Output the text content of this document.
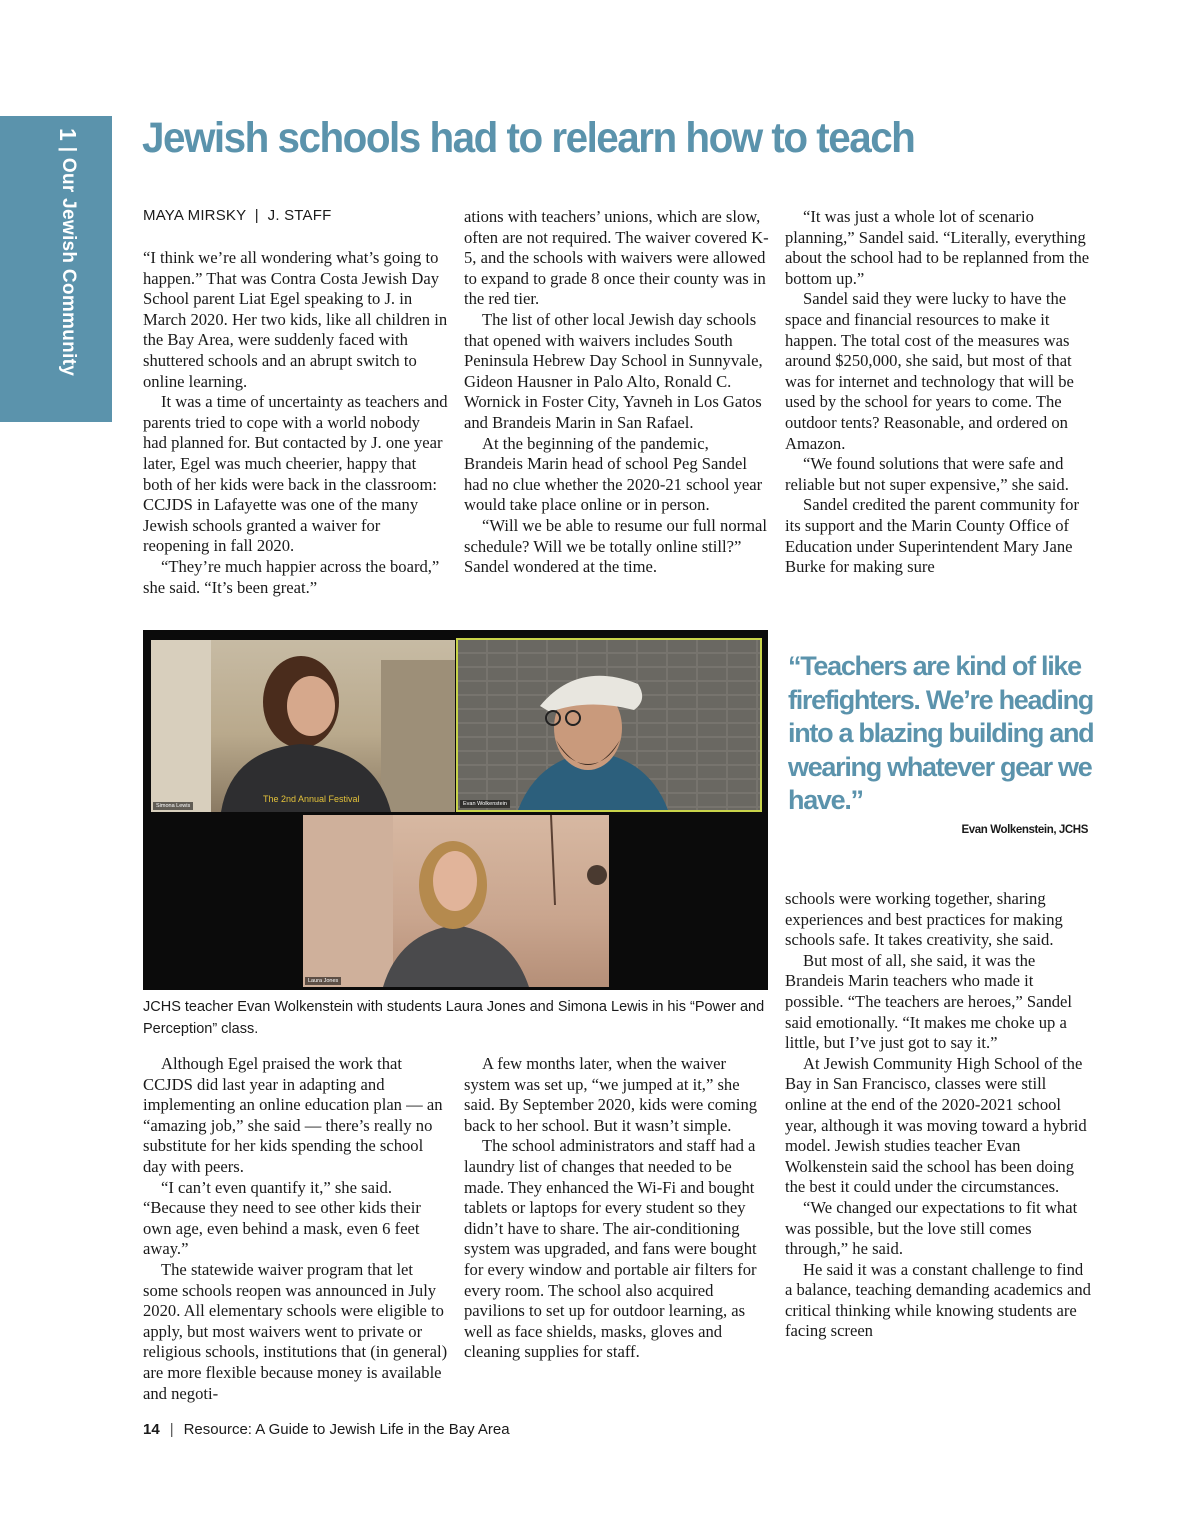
1 | Our Jewish Community
Jewish schools had to relearn how to teach
MAYA MIRSKY  |  J. STAFF

“I think we’re all wondering what’s going to happen.” That was Contra Costa Jewish Day School parent Liat Egel speaking to J. in March 2020. Her two kids, like all children in the Bay Area, were suddenly faced with shuttered schools and an abrupt switch to online learning.

It was a time of uncertainty as teachers and parents tried to cope with a world nobody had planned for. But contacted by J. one year later, Egel was much cheerier, happy that both of her kids were back in the classroom: CCJDS in Lafayette was one of the many Jewish schools granted a waiver for reopening in fall 2020.

“They’re much happier across the board,” she said. “It’s been great.”

ations with teachers’ unions, which are slow, often are not required. The waiver covered K-5, and the schools with waivers were allowed to expand to grade 8 once their county was in the red tier.

The list of other local Jewish day schools that opened with waivers includes South Peninsula Hebrew Day School in Sunnyvale, Gideon Hausner in Palo Alto, Ronald C. Wornick in Foster City, Yavneh in Los Gatos and Brandeis Marin in San Rafael.

At the beginning of the pandemic, Brandeis Marin head of school Peg Sandel had no clue whether the 2020-21 school year would take place online or in person.

“Will we be able to resume our full normal schedule? Will we be totally online still?” Sandel wondered at the time.

“It was just a whole lot of scenario planning,” Sandel said. “Literally, everything about the school had to be replanned from the bottom up.”

Sandel said they were lucky to have the space and financial resources to make it happen. The total cost of the measures was around $250,000, she said, but most of that was for internet and technology that will be used by the school for years to come. The outdoor tents? Reasonable, and ordered on Amazon.

“We found solutions that were safe and reliable but not super expensive,” she said.

Sandel credited the parent community for its support and the Marin County Office of Education under Superintendent Mary Jane Burke for making sure

The 2nd Annual Festival
Simona Lewis	Evan Wolkenstein
Laura Jones
JCHS teacher Evan Wolkenstein with students Laura Jones and Simona Lewis in his “Power and Perception” class.
“Teachers are kind of like firefighters. We’re heading into a blazing building and wearing whatever gear we have.”
Evan Wolkenstein, JCHS

schools were working together, sharing experiences and best practices for making schools safe. It takes creativity, she said.

But most of all, she said, it was the Brandeis Marin teachers who made it possible. “The teachers are heroes,” Sandel said emotionally. “It makes me choke up a little, but I’ve just got to say it.”

At Jewish Community High School of the Bay in San Francisco, classes were still online at the end of the 2020-2021 school year, although it was moving toward a hybrid model. Jewish studies teacher Evan Wolkenstein said the school has been doing the best it could under the circumstances.

“We changed our expectations to fit what was possible, but the love still comes through,” he said.

He said it was a constant challenge to find a balance, teaching demanding academics and critical thinking while knowing students are facing screen

Although Egel praised the work that CCJDS did last year in adapting and implementing an online education plan — an “amazing job,” she said — there’s really no substitute for her kids spending the school day with peers.

“I can’t even quantify it,” she said. “Because they need to see other kids their own age, even behind a mask, even 6 feet away.”

The statewide waiver program that let some schools reopen was announced in July 2020. All elementary schools were eligible to apply, but most waivers went to private or religious schools, institutions that (in general) are more flexible because money is available and negoti-

A few months later, when the waiver system was set up, “we jumped at it,” she said. By September 2020, kids were coming back to her school. But it wasn’t simple.

The school administrators and staff had a laundry list of changes that needed to be made. They enhanced the Wi-Fi and bought tablets or laptops for every student so they didn’t have to share. The air-conditioning system was upgraded, and fans were bought for every window and portable air filters for every room. The school also acquired pavilions to set up for outdoor learning, as well as face shields, masks, gloves and cleaning supplies for staff.

14 | Resource: A Guide to Jewish Life in the Bay Area
